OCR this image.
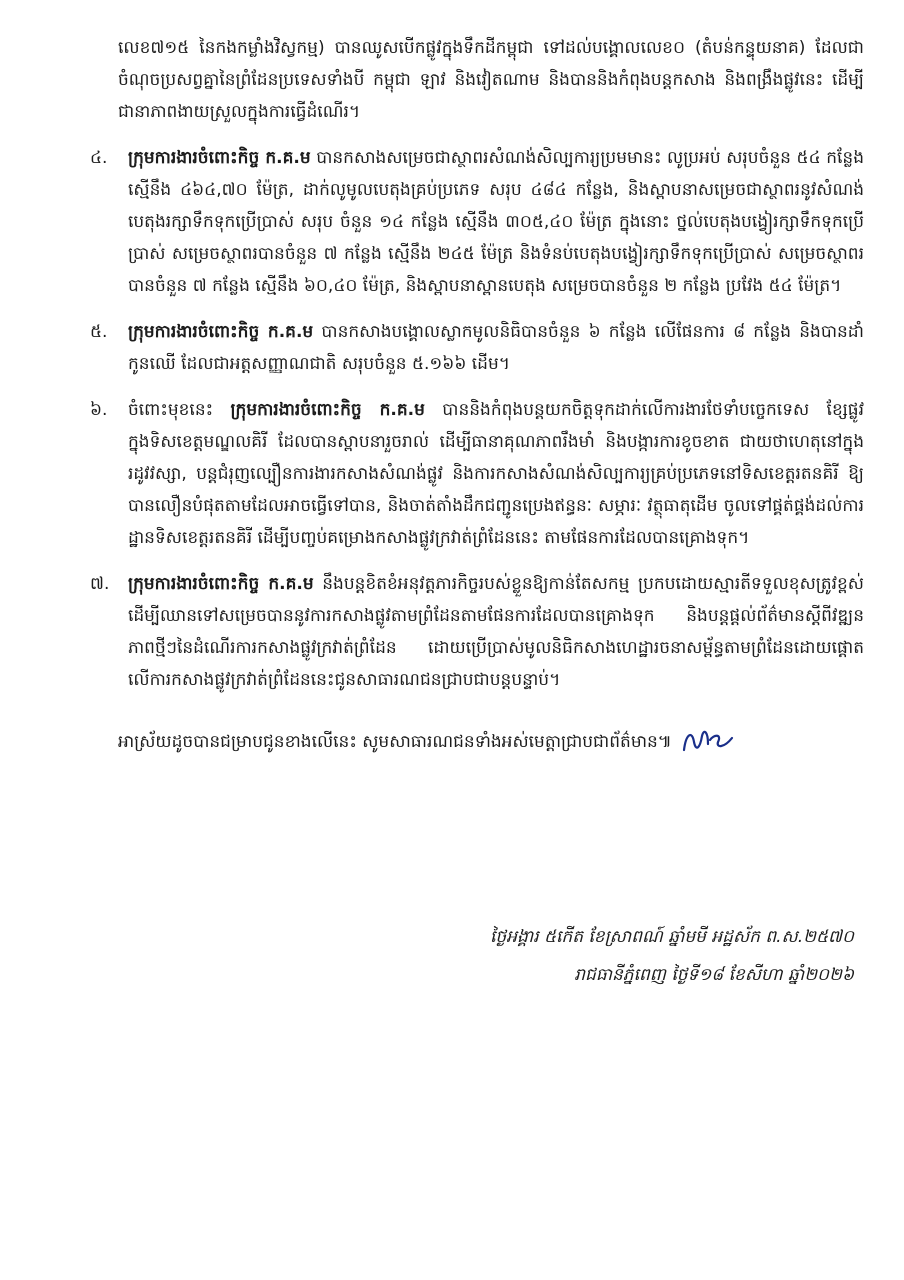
លេខ៧១៥ នៃកងកម្លាំងវិស្វកម្ម) បានឈូសបើកផ្លូវក្នុងទឹកដីកម្ពុជា ទៅដល់បង្គោលលេខ០ (តំបន់កន្ទុយនាគ) ដែលជាចំណុចប្រសព្វគ្នានៃព្រំដែនប្រទេសទាំងបី កម្ពុជា ឡាវ និងវៀតណាម និងបាននិងកំពុងបន្តកសាង និងពង្រឹងផ្លូវនេះ ដើម្បីជានាភាពងាយស្រួលក្នុងការធ្វើដំណើរ។

៤.	ក្រុមការងារចំពោះកិច្ច ក.គ.ម បានកសាងសម្រេចជាស្ថាពរសំណង់សិល្បការ្យប្រមមានះ លូប្រអប់ សរុបចំនួន ៥៤ កន្លែង ស្មើនឹង ៤៦៤,៧០ ម៉ែត្រ, ដាក់លូមូលបេតុងគ្រប់ប្រភេទ សរុប ៤៨៤ កន្លែង, និងស្ពាបនាសម្រេចជាស្ថាពរនូវសំណង់បេតុងរក្សាទឹកទុកប្រើប្រាស់ សរុប ចំនួន ១៤ កន្លែង ស្មើនឹង ៣០៥,៤០ ម៉ែត្រ ក្នុងនោះ ថ្នល់បេតុងបង្វៀរក្សាទឹកទុកប្រើប្រាស់ សម្រេចស្ថាពរបានចំនួន ៧ កន្លែង ស្មើនឹង ២៤៥ ម៉ែត្រ និងទំនប់បេតុងបង្វៀរក្សាទឹកទុកប្រើប្រាស់ សម្រេចស្ថាពរបានចំនួន ៧ កន្លែង ស្មើនឹង ៦០,៤០ ម៉ែត្រ, និងស្ពាបនាស្ពានបេតុង សម្រេចបានចំនួន ២ កន្លែង ប្រវែង ៥៤ ម៉ែត្រ។

៥.	ក្រុមការងារចំពោះកិច្ច ក.គ.ម បានកសាងបង្គោលស្លាកមូលនិធិបានចំនួន ៦ កន្លែង លើផែនការ ៨ កន្លែង និងបានដាំកូនឈើ ដែលជាអត្តសញ្ញាណជាតិ សរុបចំនួន ៥.១៦៦ ដើម។

៦.	ចំពោះមុខនេះ ក្រុមការងារចំពោះកិច្ច ក.គ.ម បាននិងកំពុងបន្តយកចិត្តទុកដាក់លើការងារថែទាំបច្ចេកទេស ខ្សែផ្លូវក្នុងទិសខេត្តមណ្ឌលគិរី ដែលបានស្ពាបនារួចរាល់ ដើម្បីធានាគុណភាពរឹងមាំ និងបង្ការការខូចខាត ជាយថាហេតុនៅក្នុងរដូវវស្សា, បន្តជំរុញល្បឿនការងារកសាងសំណង់ផ្លូវ និងការកសាងសំណង់សិល្បការ្យគ្រប់ប្រភេទនៅទិសខេត្តរតនគិរី ឱ្យបានលឿនបំផុតតាមដែលអាចធ្វើទៅបាន, និងចាត់តាំងដឹកជញ្ជូនប្រេងឥន្ធនៈ សម្ភារៈ វត្ថុធាតុដើម ចូលទៅផ្គត់ផ្គង់ដល់ការដ្ឋានទិសខេត្តរតនគិរី ដើម្បីបញ្ចប់គម្រោងកសាងផ្លូវក្រវាត់ព្រំដែននេះ តាមផែនការដែលបានគ្រោងទុក។

៧.	ក្រុមការងារចំពោះកិច្ច ក.គ.ម នឹងបន្តខិតខំអនុវត្តភារកិច្ចរបស់ខ្លួនឱ្យកាន់តែសកម្ម ប្រកបដោយស្មារតីទទួលខុសត្រូវខ្ពស់ ដើម្បីឈានទៅសម្រេចបាននូវការកសាងផ្លូវតាមព្រំដែនតាមផែនការដែលបានគ្រោងទុក និងបន្តផ្តល់ព័ត៌មានស្តីពីវឌ្ឍនភាពថ្មីៗនៃដំណើរការកសាងផ្លូវក្រវាត់ព្រំដែន ដោយប្រើប្រាស់មូលនិធិកសាងហេដ្ឋារចនាសម្ព័ន្ធតាមព្រំដែនដោយផ្តោតលើការកសាងផ្លូវក្រវាត់ព្រំដែននេះជូនសាធារណជនជ្រាបជាបន្តបន្ទាប់។

អាស្រ័យដូចបានជម្រាបជូនខាងលើនេះ សូមសាធារណជនទាំងអស់មេត្តាជ្រាបជាព័ត៌មាន៕
ថ្ងៃអង្គារ ៥កើត ខែស្រាពណ៍ ឆ្នាំមមី អដ្ឋស័ក ព.ស.២៥៧០
រាជធានីភ្នំពេញ ថ្ងៃទី១៨ ខែសីហា ឆ្នាំ២០២៦
